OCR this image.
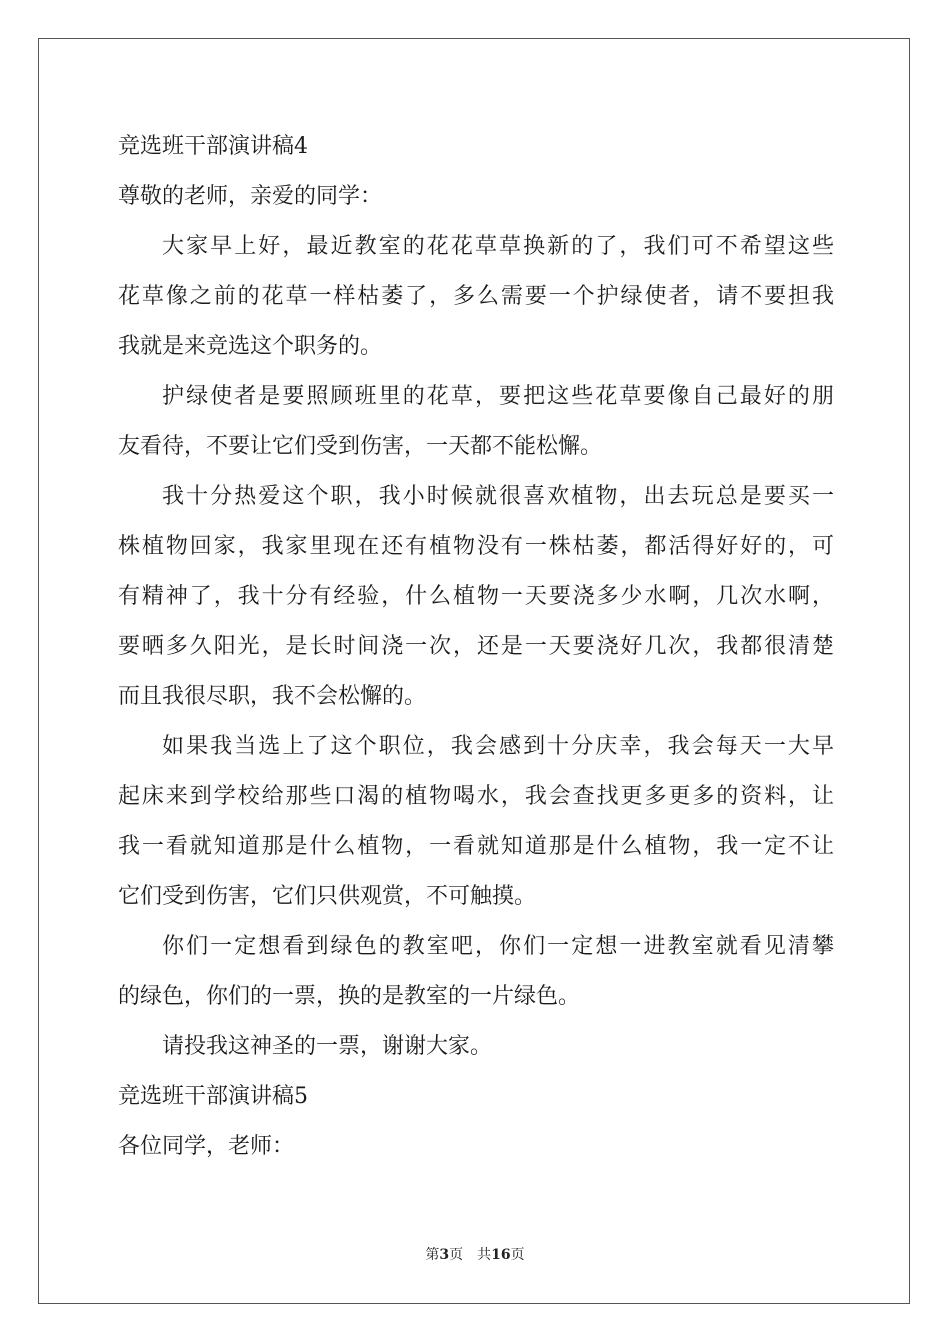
竞选班干部演讲稿4
尊敬的老师，亲爱的同学：
大家早上好，最近教室的花花草草换新的了，我们可不希望这些
花草像之前的花草一样枯萎了，多么需要一个护绿使者，请不要担我
我就是来竞选这个职务的。
护绿使者是要照顾班里的花草，要把这些花草要像自己最好的朋
友看待，不要让它们受到伤害，一天都不能松懈。
我十分热爱这个职，我小时候就很喜欢植物，出去玩总是要买一
株植物回家，我家里现在还有植物没有一株枯萎，都活得好好的，可
有精神了，我十分有经验，什么植物一天要浇多少水啊，几次水啊，
要晒多久阳光，是长时间浇一次，还是一天要浇好几次，我都很清楚
而且我很尽职，我不会松懈的。
如果我当选上了这个职位，我会感到十分庆幸，我会每天一大早
起床来到学校给那些口渴的植物喝水，我会查找更多更多的资料，让
我一看就知道那是什么植物，一看就知道那是什么植物，我一定不让
它们受到伤害，它们只供观赏，不可触摸。
你们一定想看到绿色的教室吧，你们一定想一进教室就看见清攀
的绿色，你们的一票，换的是教室的一片绿色。
请投我这神圣的一票，谢谢大家。
竞选班干部演讲稿5
各位同学，老师：
第3页 共16页
